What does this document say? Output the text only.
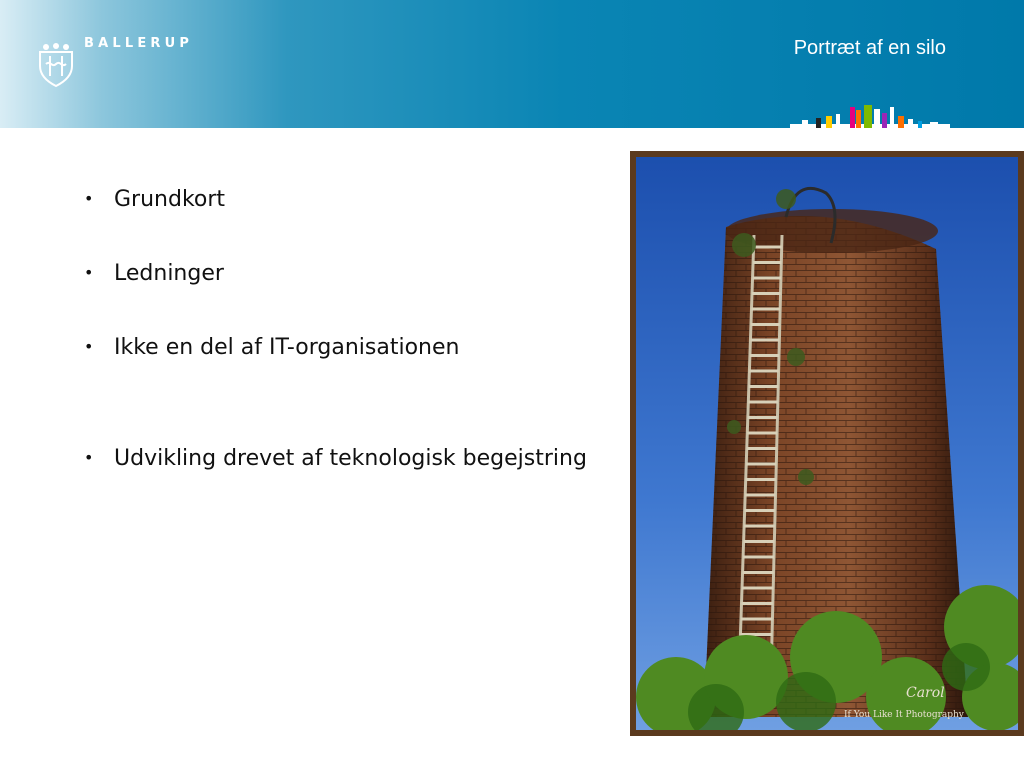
BALLERUP	Portræt af en silo
• Grundkort
• Ledninger
• Ikke en del af IT-organisationen
• Udvikling drevet af teknologisk begejstring
Carol
If You Like It Photography
